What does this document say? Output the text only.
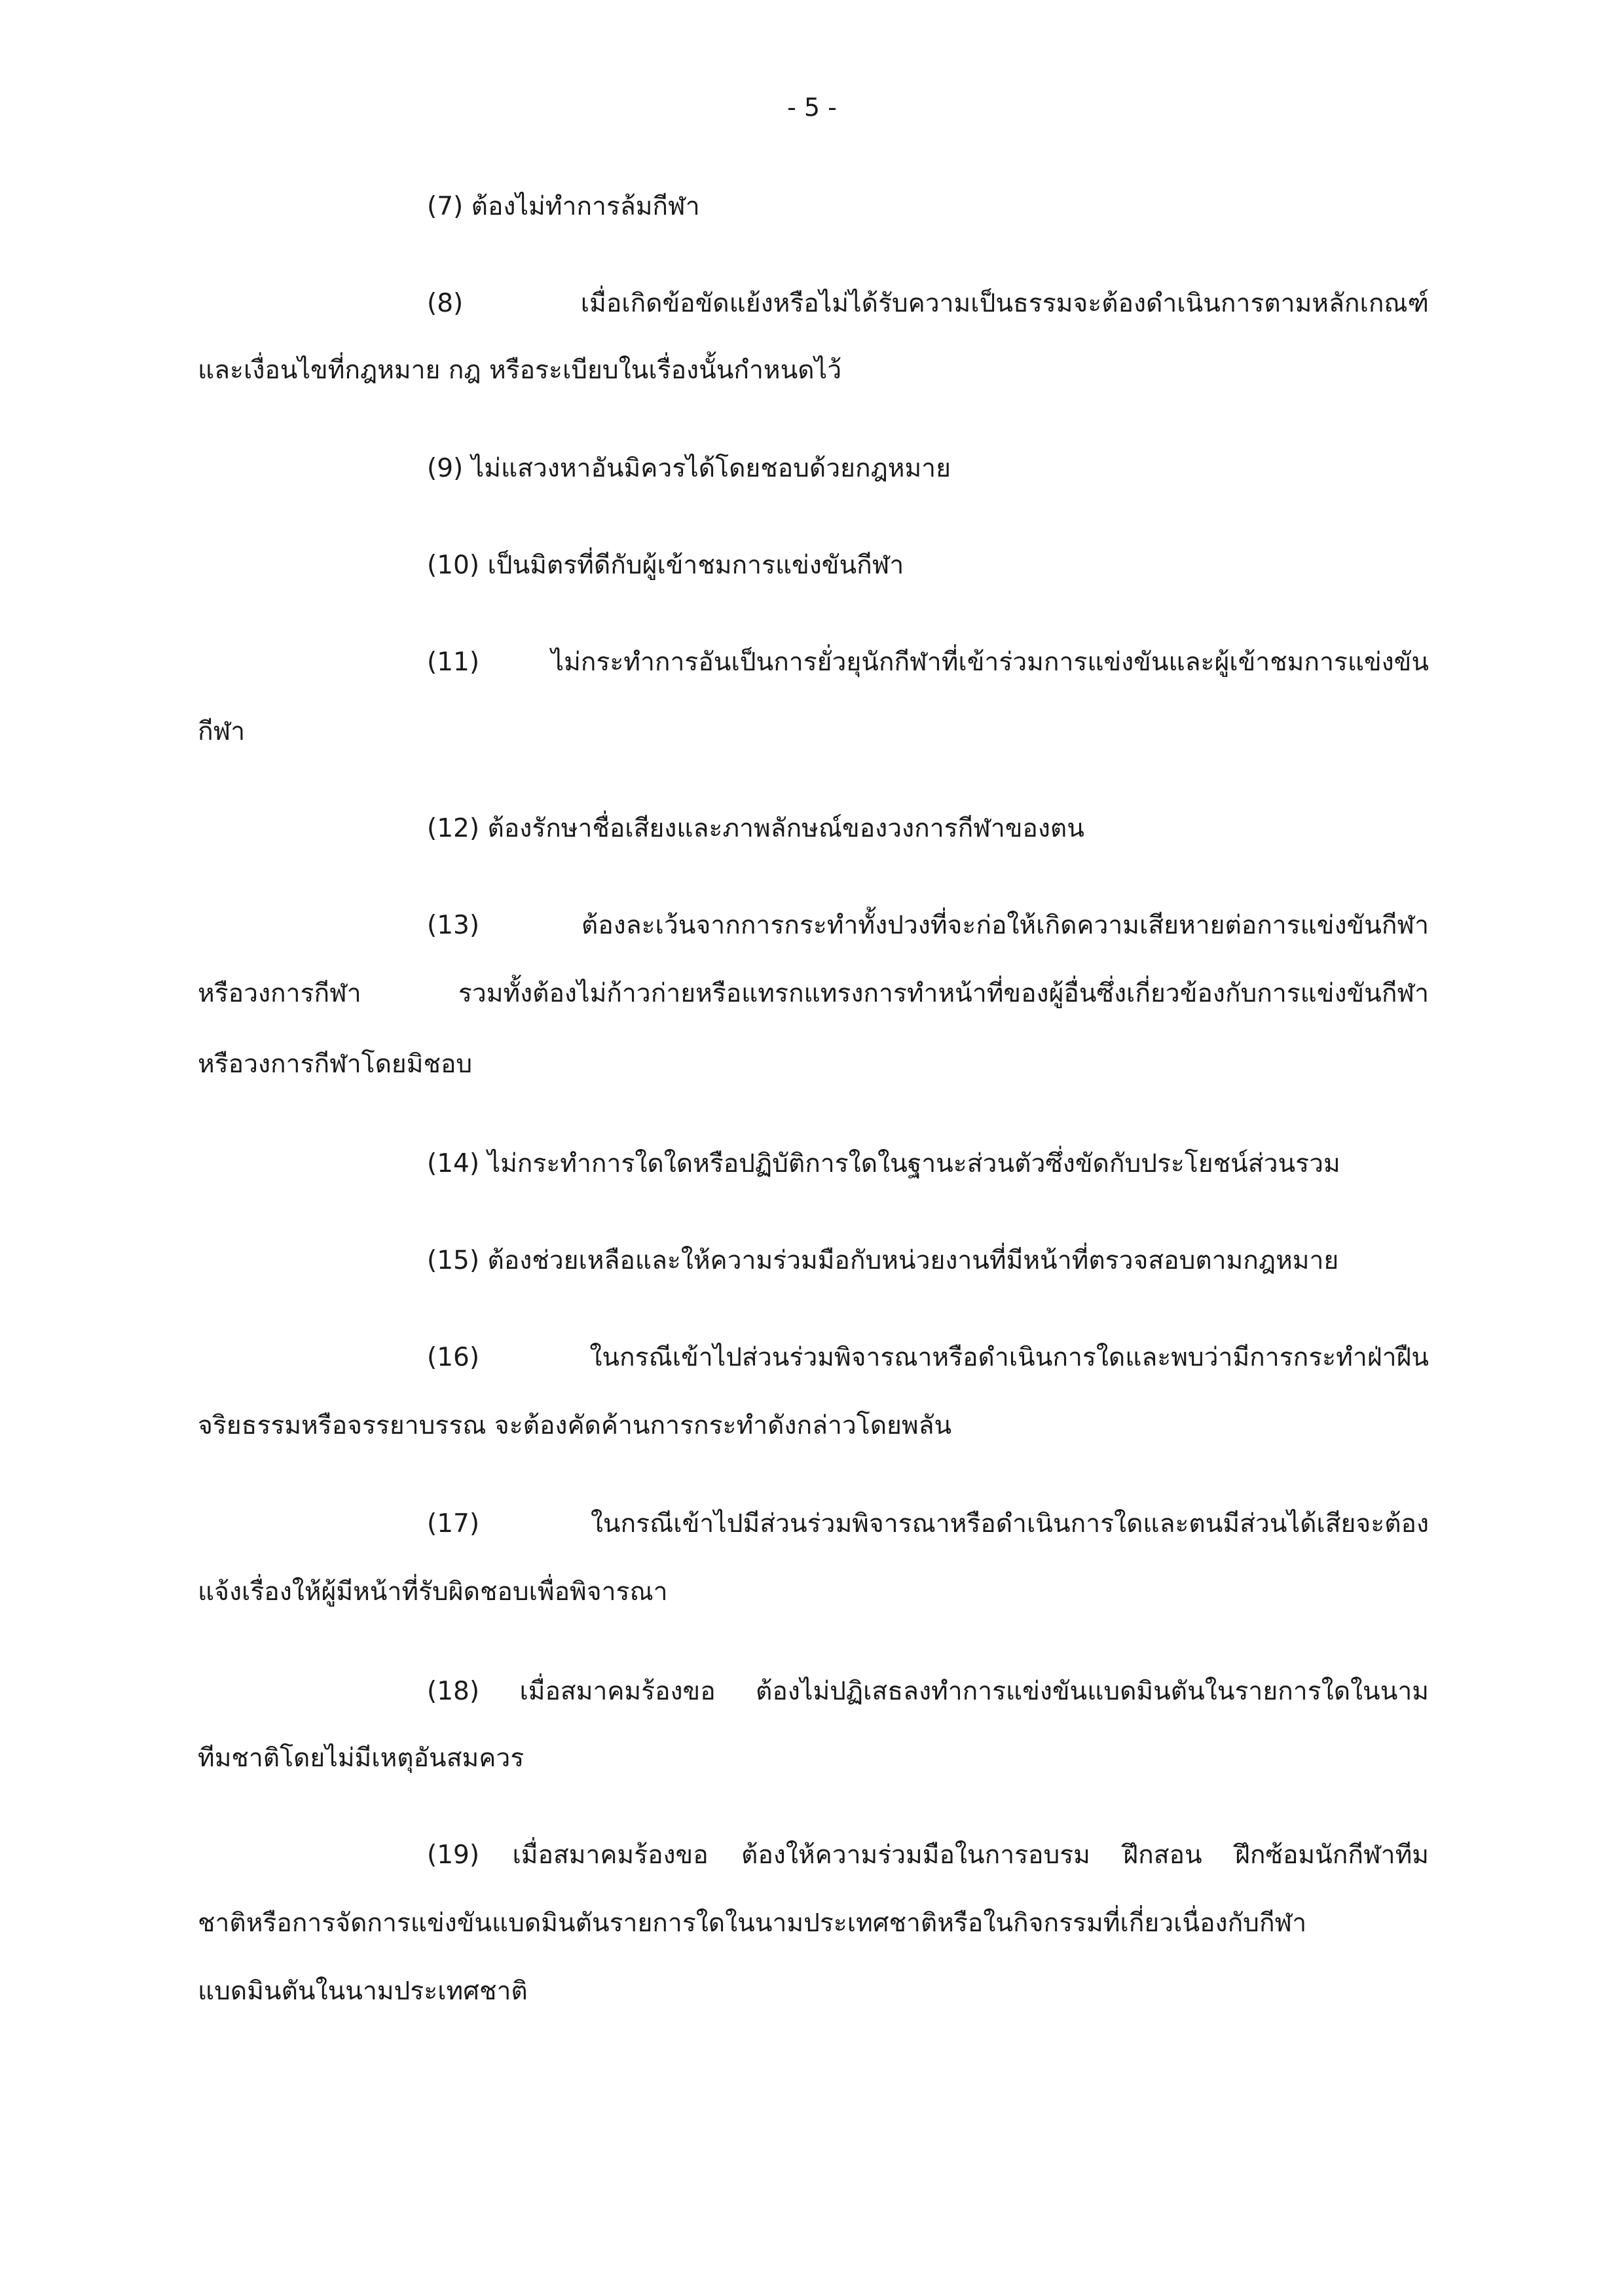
- 5 -
(7) ต้องไม่ทำการล้มกีฬา
(8) เมื่อเกิดข้อขัดแย้งหรือไม่ได้รับความเป็นธรรมจะต้องดำเนินการตามหลักเกณฑ์
และเงื่อนไขที่กฎหมาย กฎ หรือระเบียบในเรื่องนั้นกำหนดไว้
(9) ไม่แสวงหาอันมิควรได้โดยชอบด้วยกฎหมาย
(10) เป็นมิตรที่ดีกับผู้เข้าชมการแข่งขันกีฬา
(11) ไม่กระทำการอันเป็นการยั่วยุนักกีฬาที่เข้าร่วมการแข่งขันและผู้เข้าชมการแข่งขัน
กีฬา
(12) ต้องรักษาชื่อเสียงและภาพลักษณ์ของวงการกีฬาของตน
(13) ต้องละเว้นจากการกระทำทั้งปวงที่จะก่อให้เกิดความเสียหายต่อการแข่งขันกีฬา
หรือวงการกีฬา รวมทั้งต้องไม่ก้าวก่ายหรือแทรกแทรงการทำหน้าที่ของผู้อื่นซึ่งเกี่ยวข้องกับการแข่งขันกีฬา
หรือวงการกีฬาโดยมิชอบ
(14) ไม่กระทำการใดใดหรือปฏิบัติการใดในฐานะส่วนตัวซึ่งขัดกับประโยชน์ส่วนรวม
(15) ต้องช่วยเหลือและให้ความร่วมมือกับหน่วยงานที่มีหน้าที่ตรวจสอบตามกฎหมาย
(16) ในกรณีเข้าไปส่วนร่วมพิจารณาหรือดำเนินการใดและพบว่ามีการกระทำฝ่าฝืน
จริยธรรมหรือจรรยาบรรณ จะต้องคัดค้านการกระทำดังกล่าวโดยพลัน
(17) ในกรณีเข้าไปมีส่วนร่วมพิจารณาหรือดำเนินการใดและตนมีส่วนได้เสียจะต้อง
แจ้งเรื่องให้ผู้มีหน้าที่รับผิดชอบเพื่อพิจารณา
(18) เมื่อสมาคมร้องขอ ต้องไม่ปฏิเสธลงทำการแข่งขันแบดมินตันในรายการใดในนาม
ทีมชาติโดยไม่มีเหตุอันสมควร
(19) เมื่อสมาคมร้องขอ ต้องให้ความร่วมมือในการอบรม ฝึกสอน ฝึกซ้อมนักกีฬาทีม
ชาติหรือการจัดการแข่งขันแบดมินตันรายการใดในนามประเทศชาติหรือในกิจกรรมที่เกี่ยวเนื่องกับกีฬา
แบดมินตันในนามประเทศชาติ
